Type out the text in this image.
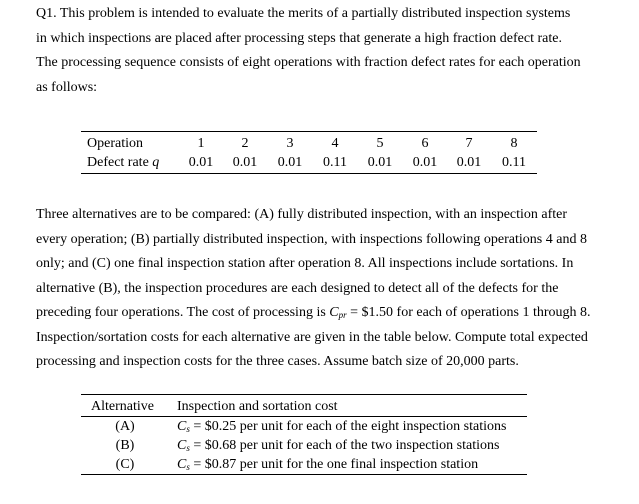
Q1. This problem is intended to evaluate the merits of a partially distributed inspection systems
in which inspections are placed after processing steps that generate a high fraction defect rate.
The processing sequence consists of eight operations with fraction defect rates for each operation
as follows:
Operation	1	2	3	4	5	6	7	8
Defect rate q	0.01	0.01	0.01	0.11	0.01	0.01	0.01	0.11
Three alternatives are to be compared: (A) fully distributed inspection, with an inspection after
every operation; (B) partially distributed inspection, with inspections following operations 4 and 8
only; and (C) one final inspection station after operation 8. All inspections include sortations. In
alternative (B), the inspection procedures are each designed to detect all of the defects for the
preceding four operations. The cost of processing is $C_{pr}$ = $1.50 for each of operations 1 through 8.
Inspection/sortation costs for each alternative are given in the table below. Compute total expected
processing and inspection costs for the three cases. Assume batch size of 20,000 parts.
Alternative Inspection and sortation cost
(A)	$C_s$ = $0.25 per unit for each of the eight inspection stations
(B)	$C_s$ = $0.68 per unit for each of the two inspection stations
(C)	$C_s$ = $0.87 per unit for the one final inspection station
